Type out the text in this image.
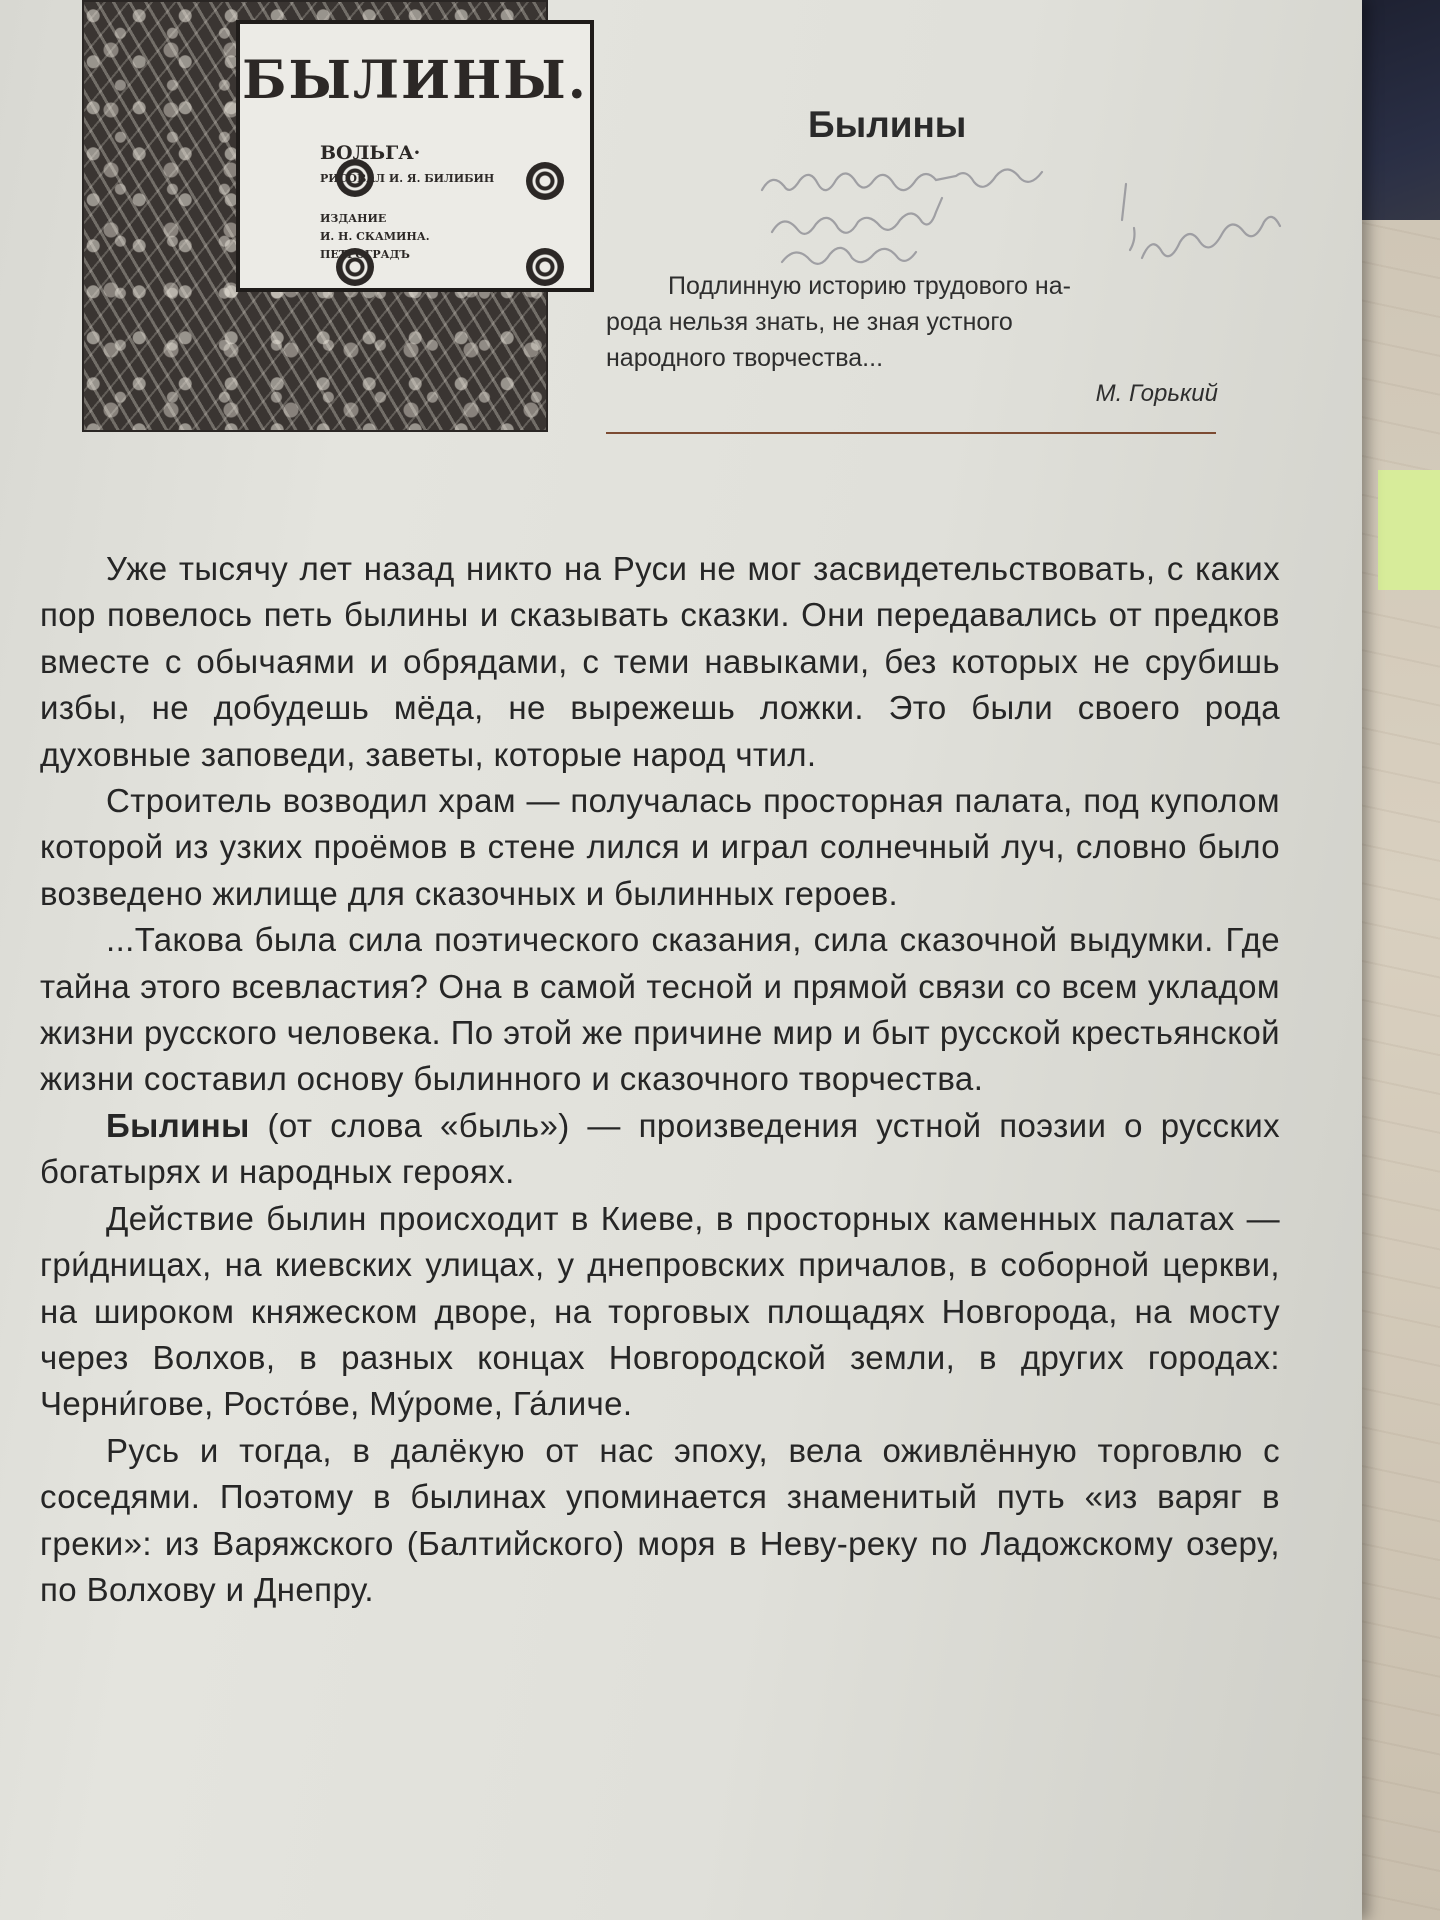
БЫЛИНЫ.
ВОЛЬГА·
РИСОВАЛ И. Я. БИЛИБИН
ИЗДАНИЕ
И. Н. СКАМИНА.
ПЕТРОГРАДЪ
Былины

Подлинную историю трудового на-

рода нельзя знать, не зная устного

народного творчества...

М. Горький

Уже тысячу лет назад никто на Руси не мог засвидетельствовать, с каких пор повелось петь былины и сказывать сказки. Они передавались от предков вместе с обычаями и обрядами, с теми навыками, без которых не срубишь избы, не добудешь мёда, не вырежешь ложки. Это были своего рода духовные заповеди, заветы, которые народ чтил.

Строитель возводил храм — получалась просторная палата, под куполом которой из узких проёмов в стене лился и играл солнечный луч, словно было возведено жилище для сказочных и былинных героев.

...Такова была сила поэтического сказания, сила сказочной выдумки. Где тайна этого всевластия? Она в самой тесной и прямой связи со всем укладом жизни русского человека. По этой же причине мир и быт русской крестьянской жизни составил основу былинного и сказочного творчества.

Былины (от слова «быль») — произведения устной поэзии о русских богатырях и народных героях.

Действие былин происходит в Киеве, в просторных каменных палатах — гри́дницах, на киевских улицах, у днепровских причалов, в соборной церкви, на широком княжеском дворе, на торговых площадях Новгорода, на мосту через Волхов, в разных концах Новгородской земли, в других городах: Черни́гове, Росто́ве, Му́роме, Га́личе.

Русь и тогда, в далёкую от нас эпоху, вела оживлённую торговлю с соседями. Поэтому в былинах упоминается знаменитый путь «из варяг в греки»: из Варяжского (Балтийского) моря в Неву-реку по Ладожскому озеру, по Волхову и Днепру.
